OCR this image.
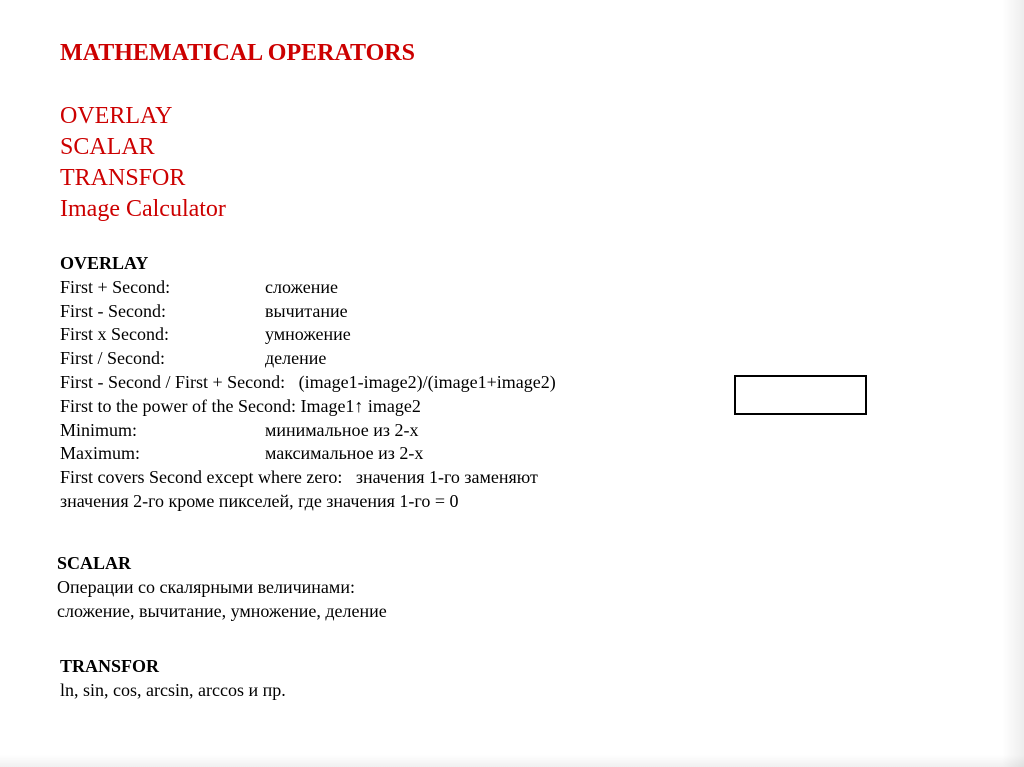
MATHEMATICAL OPERATORS
OVERLAY
SCALAR
TRANSFOR
Image Calculator
OVERLAY
First + Second:	сложение
First - Second:	вычитание
First x Second:	умножение
First / Second:	деление
First - Second / First + Second:   (image1-image2)/(image1+image2)
First to the power of the Second: Image1↑ image2
Minimum:	минимальное из 2-х
Maximum:	максимальное из 2-х
First covers Second except where zero:   значения 1-го заменяют
значения 2-го кроме пикселей, где значения 1-го = 0
SCALAR
Операции со скалярными величинами:
сложение, вычитание, умножение, деление
TRANSFOR
ln, sin, cos, arcsin, arccos и пр.
